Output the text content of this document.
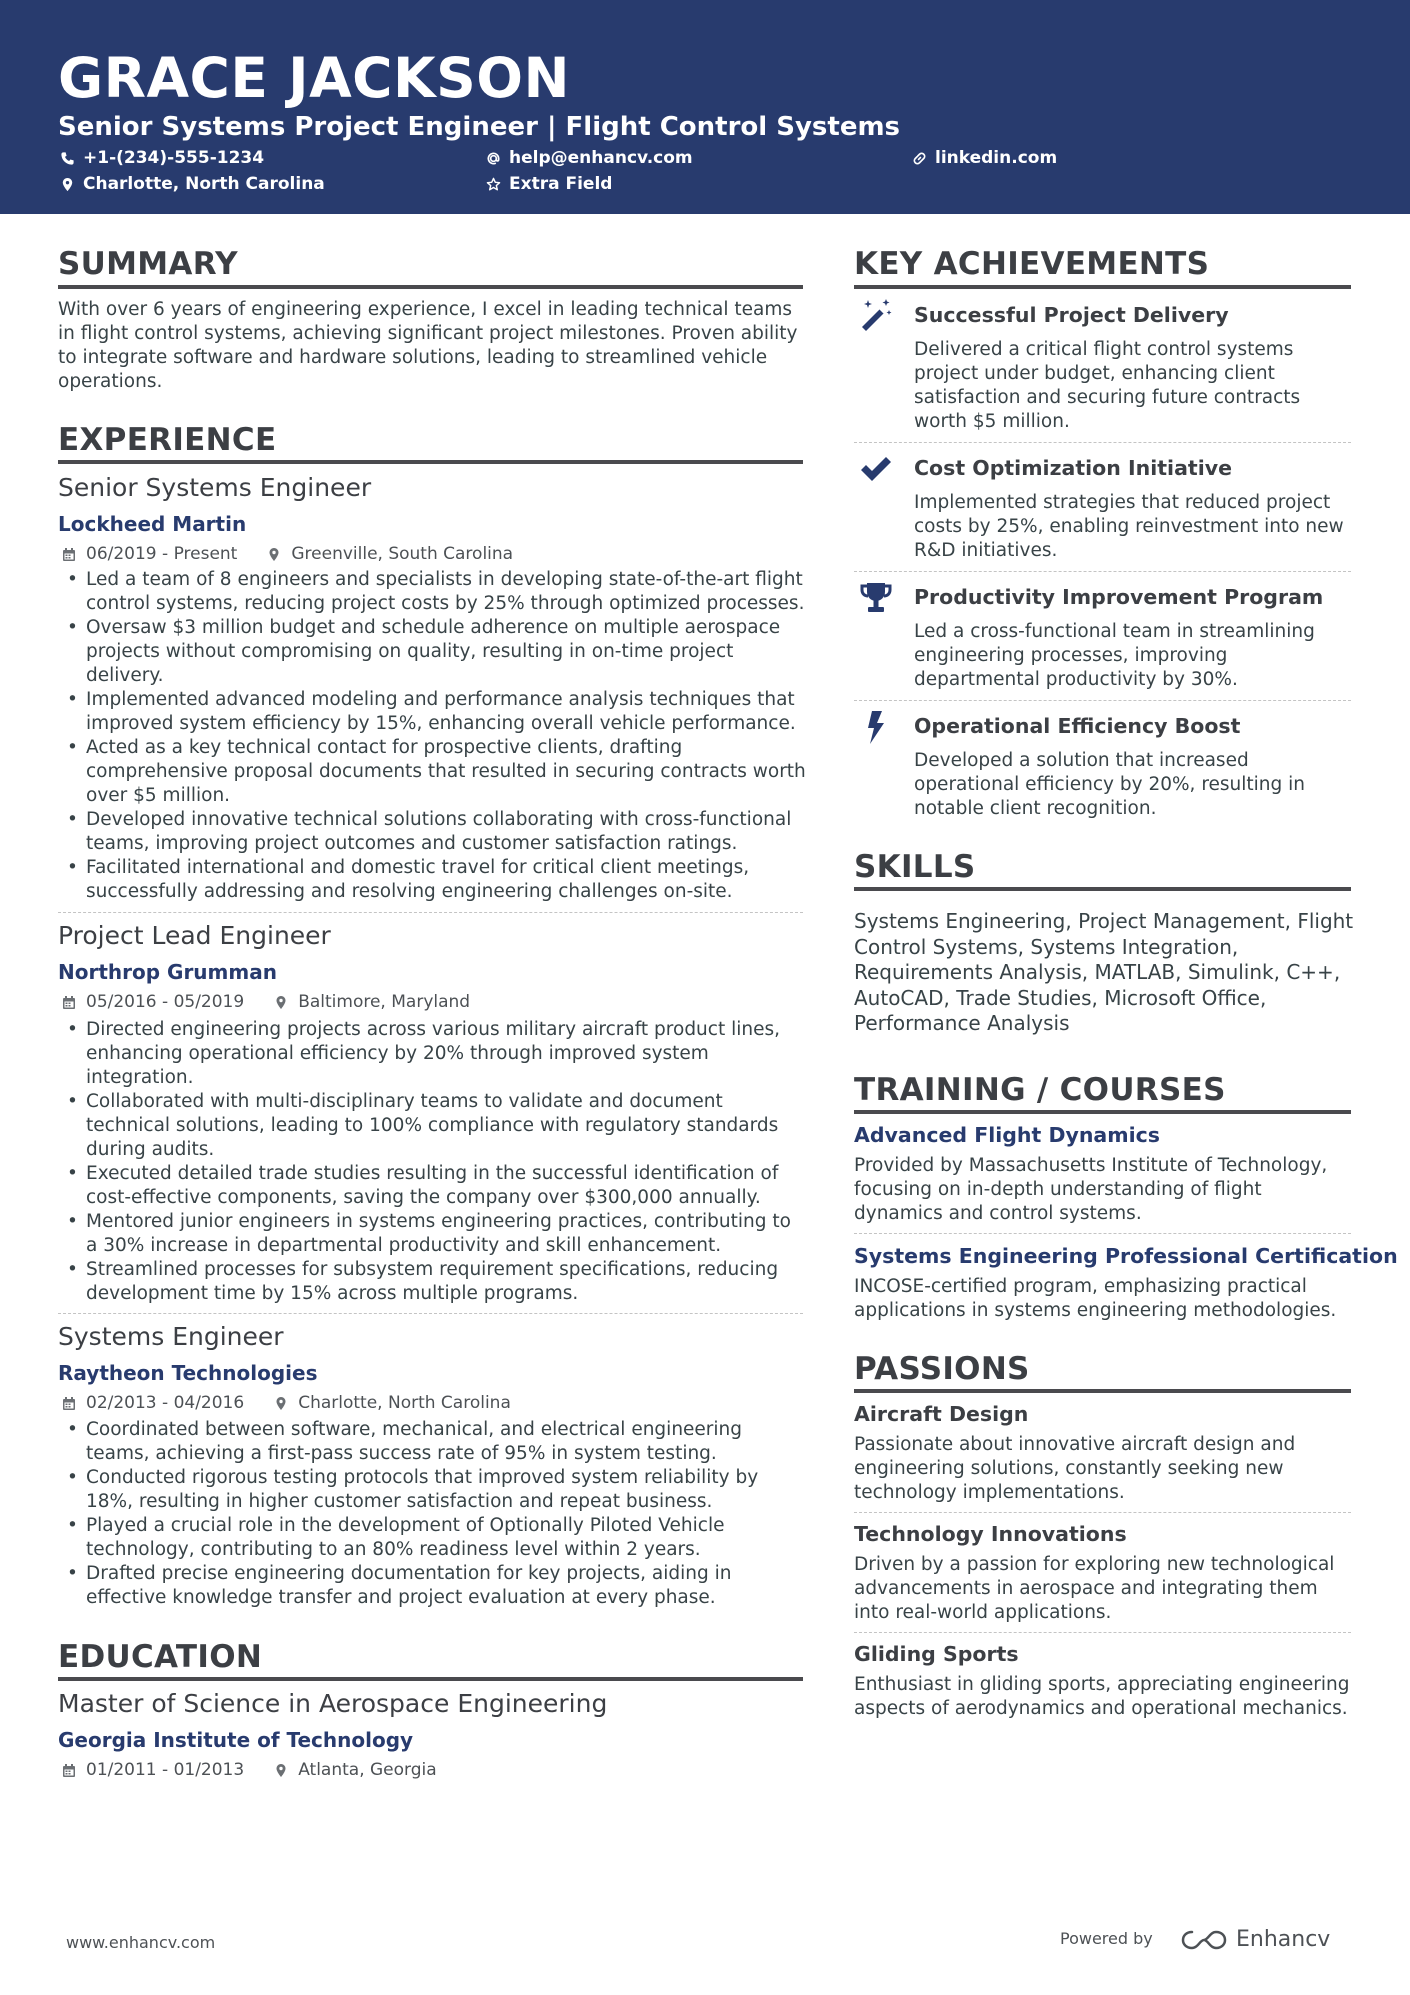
GRACE JACKSON
Senior Systems Project Engineer | Flight Control Systems
+1-(234)-555-1234	help@enhancv.com	linkedin.com
Charlotte, North Carolina	Extra Field
SUMMARY
With over 6 years of engineering experience, I excel in leading technical teams in flight control systems, achieving significant project milestones. Proven ability to integrate software and hardware solutions, leading to streamlined vehicle operations.
EXPERIENCE
Senior Systems Engineer
Lockheed Martin
06/2019 - Present	Greenville, South Carolina
• Led a team of 8 engineers and specialists in developing state-of-the-art flight control systems, reducing project costs by 25% through optimized processes.
• Oversaw $3 million budget and schedule adherence on multiple aerospace projects without compromising on quality, resulting in on-time project delivery.
• Implemented advanced modeling and performance analysis techniques that improved system efficiency by 15%, enhancing overall vehicle performance.
• Acted as a key technical contact for prospective clients, drafting comprehensive proposal documents that resulted in securing contracts worth over $5 million.
• Developed innovative technical solutions collaborating with cross-functional teams, improving project outcomes and customer satisfaction ratings.
• Facilitated international and domestic travel for critical client meetings, successfully addressing and resolving engineering challenges on-site.
Project Lead Engineer
Northrop Grumman
05/2016 - 05/2019	Baltimore, Maryland
• Directed engineering projects across various military aircraft product lines, enhancing operational efficiency by 20% through improved system integration.
• Collaborated with multi-disciplinary teams to validate and document technical solutions, leading to 100% compliance with regulatory standards during audits.
• Executed detailed trade studies resulting in the successful identification of cost-effective components, saving the company over $300,000 annually.
• Mentored junior engineers in systems engineering practices, contributing to a 30% increase in departmental productivity and skill enhancement.
• Streamlined processes for subsystem requirement specifications, reducing development time by 15% across multiple programs.
Systems Engineer
Raytheon Technologies
02/2013 - 04/2016	Charlotte, North Carolina
• Coordinated between software, mechanical, and electrical engineering teams, achieving a first-pass success rate of 95% in system testing.
• Conducted rigorous testing protocols that improved system reliability by 18%, resulting in higher customer satisfaction and repeat business.
• Played a crucial role in the development of Optionally Piloted Vehicle technology, contributing to an 80% readiness level within 2 years.
• Drafted precise engineering documentation for key projects, aiding in effective knowledge transfer and project evaluation at every phase.
EDUCATION
Master of Science in Aerospace Engineering
Georgia Institute of Technology
01/2011 - 01/2013	Atlanta, Georgia
KEY ACHIEVEMENTS
Successful Project Delivery
Delivered a critical flight control systems project under budget, enhancing client satisfaction and securing future contracts worth $5 million.
Cost Optimization Initiative
Implemented strategies that reduced project costs by 25%, enabling reinvestment into new R&D initiatives.
Productivity Improvement Program
Led a cross-functional team in streamlining engineering processes, improving departmental productivity by 30%.
Operational Efficiency Boost
Developed a solution that increased operational efficiency by 20%, resulting in notable client recognition.
SKILLS
Systems Engineering, Project Management, Flight Control Systems, Systems Integration, Requirements Analysis, MATLAB, Simulink, C++, AutoCAD, Trade Studies, Microsoft Office, Performance Analysis
TRAINING / COURSES
Advanced Flight Dynamics
Provided by Massachusetts Institute of Technology, focusing on in-depth understanding of flight dynamics and control systems.
Systems Engineering Professional Certification
INCOSE-certified program, emphasizing practical applications in systems engineering methodologies.
PASSIONS
Aircraft Design
Passionate about innovative aircraft design and engineering solutions, constantly seeking new technology implementations.
Technology Innovations
Driven by a passion for exploring new technological advancements in aerospace and integrating them into real-world applications.
Gliding Sports
Enthusiast in gliding sports, appreciating engineering aspects of aerodynamics and operational mechanics.
www.enhancv.com	Powered by	Enhancv
